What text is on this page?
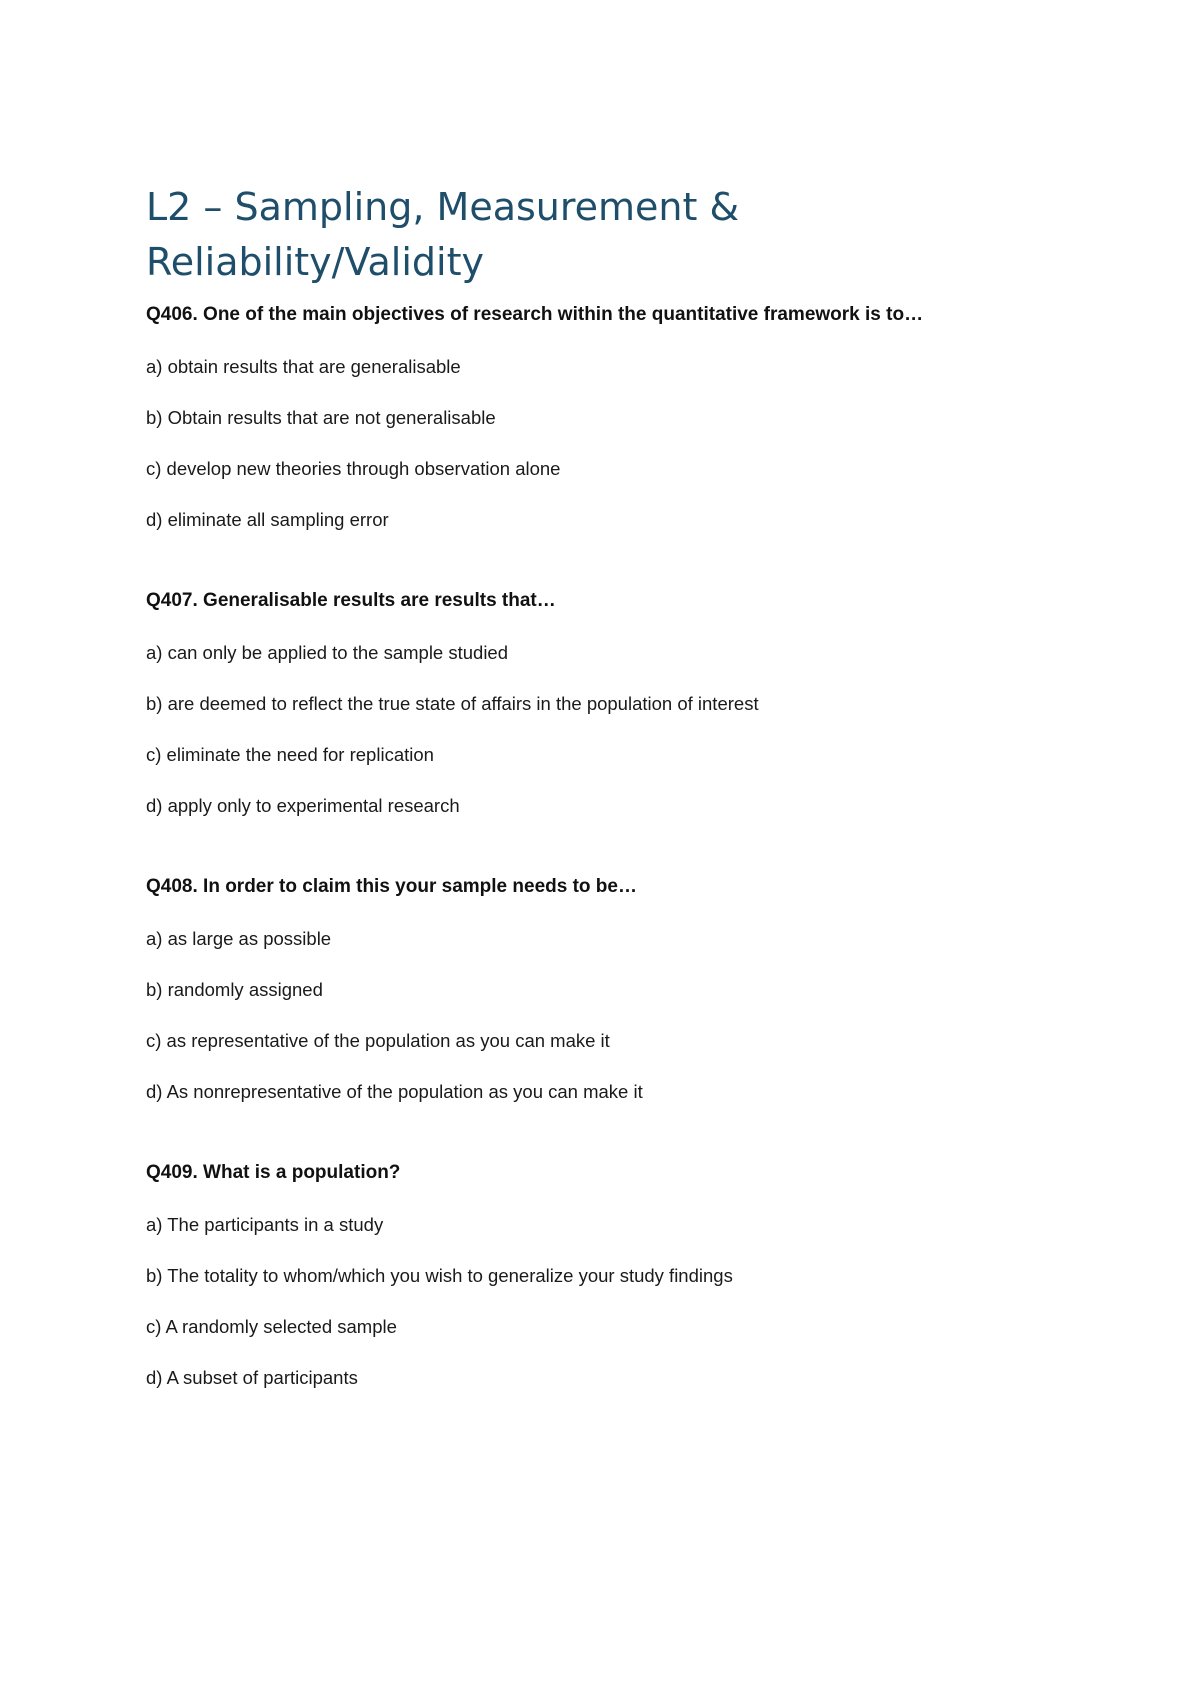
L2 – Sampling, Measurement &
Reliability/Validity

Q406. One of the main objectives of research within the quantitative framework is to…

a) obtain results that are generalisable
b) Obtain results that are not generalisable
c) develop new theories through observation alone
d) eliminate all sampling error

Q407. Generalisable results are results that…

a) can only be applied to the sample studied
b) are deemed to reflect the true state of affairs in the population of interest
c) eliminate the need for replication
d) apply only to experimental research

Q408. In order to claim this your sample needs to be…

a) as large as possible
b) randomly assigned
c) as representative of the population as you can make it
d) As nonrepresentative of the population as you can make it

Q409. What is a population?

a) The participants in a study
b) The totality to whom/which you wish to generalize your study findings
c) A randomly selected sample
d) A subset of participants
